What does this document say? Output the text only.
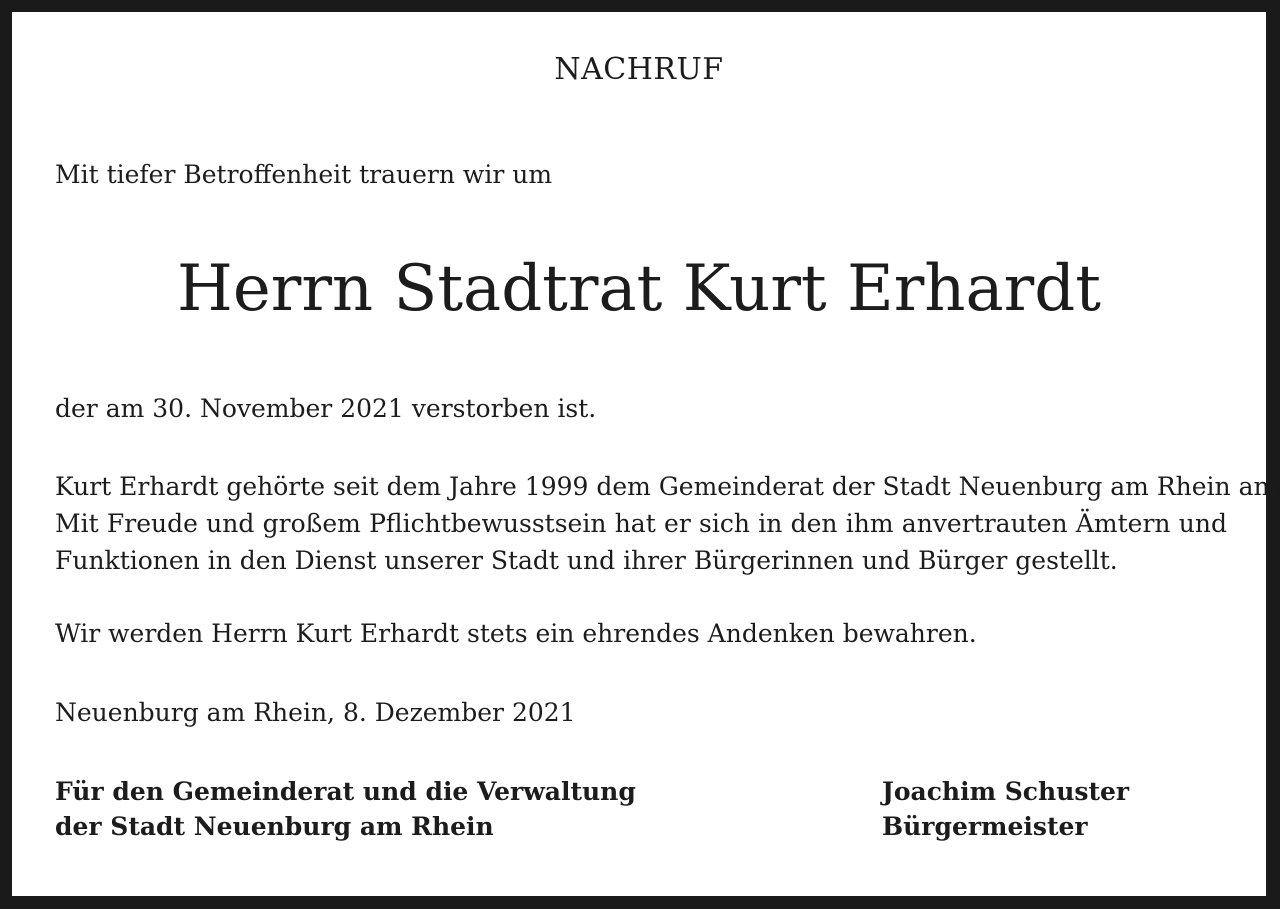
NACHRUF
Mit tiefer Betroffenheit trauern wir um
Herrn Stadtrat Kurt Erhardt
der am 30. November 2021 verstorben ist.
Kurt Erhardt gehörte seit dem Jahre 1999 dem Gemeinderat der Stadt Neuenburg am Rhein an.
Mit Freude und großem Pflichtbewusstsein hat er sich in den ihm anvertrauten Ämtern und
Funktionen in den Dienst unserer Stadt und ihrer Bürgerinnen und Bürger gestellt.
Wir werden Herrn Kurt Erhardt stets ein ehrendes Andenken bewahren.
Neuenburg am Rhein, 8. Dezember 2021
Für den Gemeinderat und die Verwaltung
der Stadt Neuenburg am Rhein
Joachim Schuster
Bürgermeister
